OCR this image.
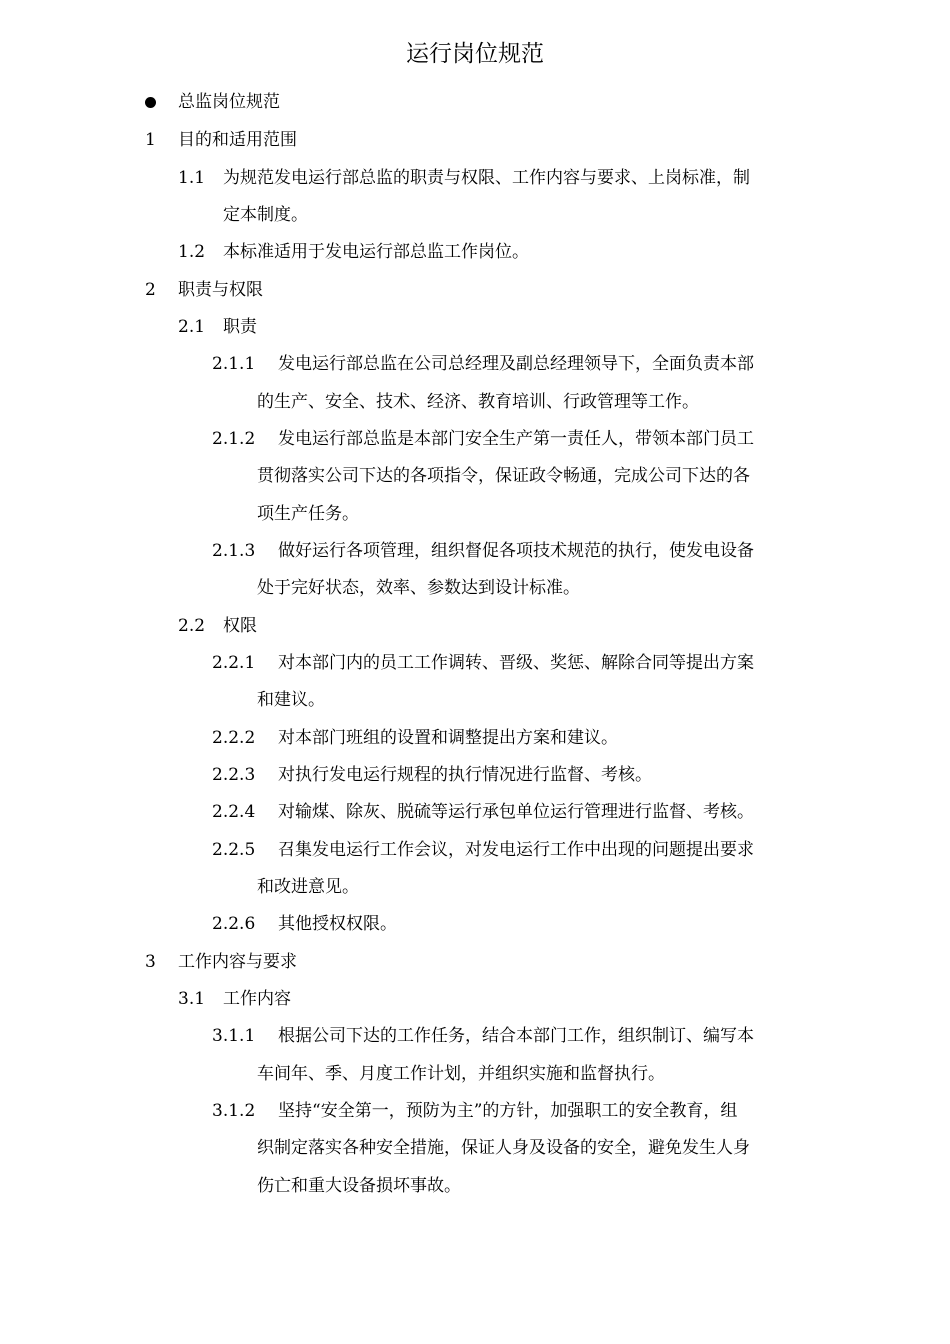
运行岗位规范
总监岗位规范
1 目的和适用范围
1.1 为规范发电运行部总监的职责与权限、工作内容与要求、上岗标准，制
定本制度。
1.2 本标准适用于发电运行部总监工作岗位。
2 职责与权限
2.1 职责
2.1.1 发电运行部总监在公司总经理及副总经理领导下，全面负责本部
的生产、安全、技术、经济、教育培训、行政管理等工作。
2.1.2 发电运行部总监是本部门安全生产第一责任人，带领本部门员工
贯彻落实公司下达的各项指令，保证政令畅通，完成公司下达的各
项生产任务。
2.1.3 做好运行各项管理，组织督促各项技术规范的执行，使发电设备
处于完好状态，效率、参数达到设计标准。
2.2 权限
2.2.1 对本部门内的员工工作调转、晋级、奖惩、解除合同等提出方案
和建议。
2.2.2 对本部门班组的设置和调整提出方案和建议。
2.2.3 对执行发电运行规程的执行情况进行监督、考核。
2.2.4 对输煤、除灰、脱硫等运行承包单位运行管理进行监督、考核。
2.2.5 召集发电运行工作会议，对发电运行工作中出现的问题提出要求
和改进意见。
2.2.6 其他授权权限。
3 工作内容与要求
3.1 工作内容
3.1.1 根据公司下达的工作任务，结合本部门工作，组织制订、编写本
车间年、季、月度工作计划，并组织实施和监督执行。
3.1.2 坚持“安全第一，预防为主”的方针，加强职工的安全教育，组
织制定落实各种安全措施，保证人身及设备的安全，避免发生人身
伤亡和重大设备损坏事故。
